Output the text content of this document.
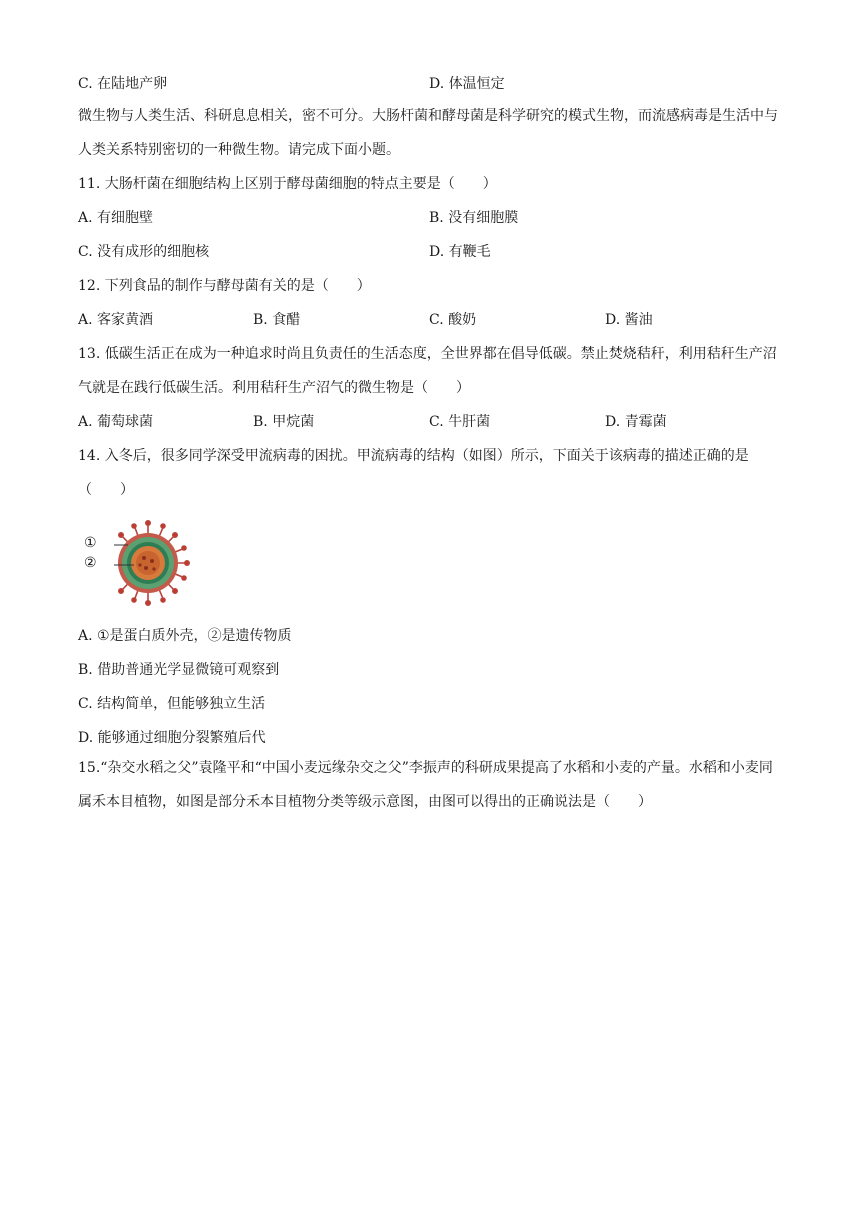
C. 在陆地产卵	D. 体温恒定
微生物与人类生活、科研息息相关，密不可分。大肠杆菌和酵母菌是科学研究的模式生物，而流感病毒是生活中与人类关系特别密切的一种微生物。请完成下面小题。
11. 大肠杆菌在细胞结构上区别于酵母菌细胞的特点主要是（　　）
A. 有细胞壁	B. 没有细胞膜
C. 没有成形的细胞核	D. 有鞭毛
12. 下列食品的制作与酵母菌有关的是（　　）
A. 客家黄酒	B. 食醋	C. 酸奶	D. 酱油
13. 低碳生活正在成为一种追求时尚且负责任的生活态度，全世界都在倡导低碳。禁止焚烧秸秆，利用秸秆生产沼气就是在践行低碳生活。利用秸秆生产沼气的微生物是（　　）
A. 葡萄球菌	B. 甲烷菌	C. 牛肝菌	D. 青霉菌
14. 入冬后，很多同学深受甲流病毒的困扰。甲流病毒的结构（如图）所示，下面关于该病毒的描述正确的是（　　）
①
②
A. ①是蛋白质外壳，②是遗传物质
B. 借助普通光学显微镜可观察到
C. 结构简单，但能够独立生活
D. 能够通过细胞分裂繁殖后代
15.“杂交水稻之父”袁隆平和“中国小麦远缘杂交之父”李振声的科研成果提高了水稻和小麦的产量。水稻和小麦同属禾本目植物，如图是部分禾本目植物分类等级示意图，由图可以得出的正确说法是（　　）
